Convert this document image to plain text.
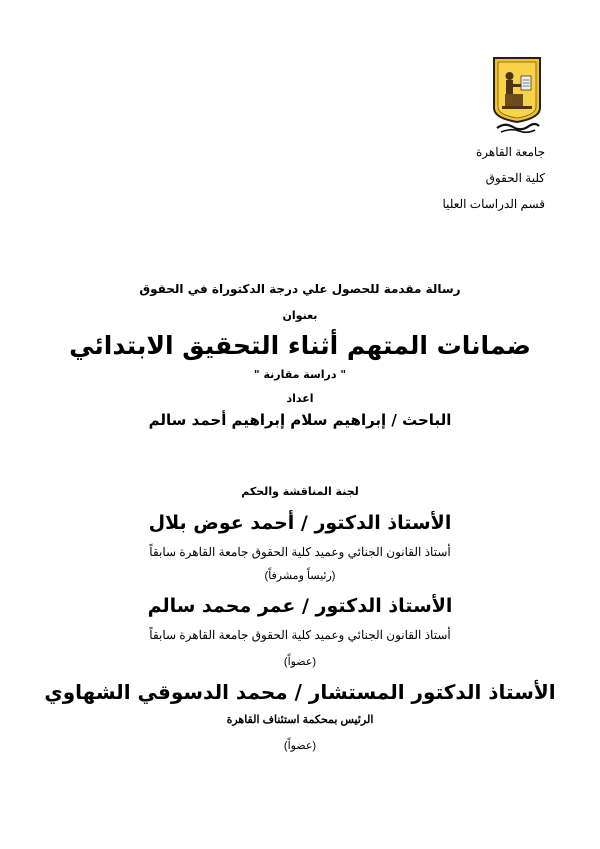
جامعة القاهرة
كلية الحقوق
قسم الدراسات العليا
رسالة مقدمة للحصول علي درجة الدكتوراة في الحقوق
بعنوان
ضمانات المتهم أثناء التحقيق الابتدائي
" دراسة مقارنة "
اعداد
الباحث / إبراهيم سلام إبراهيم أحمد سالم
لجنة المناقشة والحكم
الأستاذ الدكتور / أحمد عوض بلال
أستاذ القانون الجنائي وعميد كلية الحقوق جامعة القاهرة سابقاً
(رئيساً ومشرفاً)
الأستاذ الدكتور / عمر محمد سالم
أستاذ القانون الجنائي وعميد كلية الحقوق جامعة القاهرة سابقاً
(عضواً)
الأستاذ الدكتور المستشار / محمد الدسوقي الشهاوي
الرئيس بمحكمة استئناف القاهرة
(عضواً)
